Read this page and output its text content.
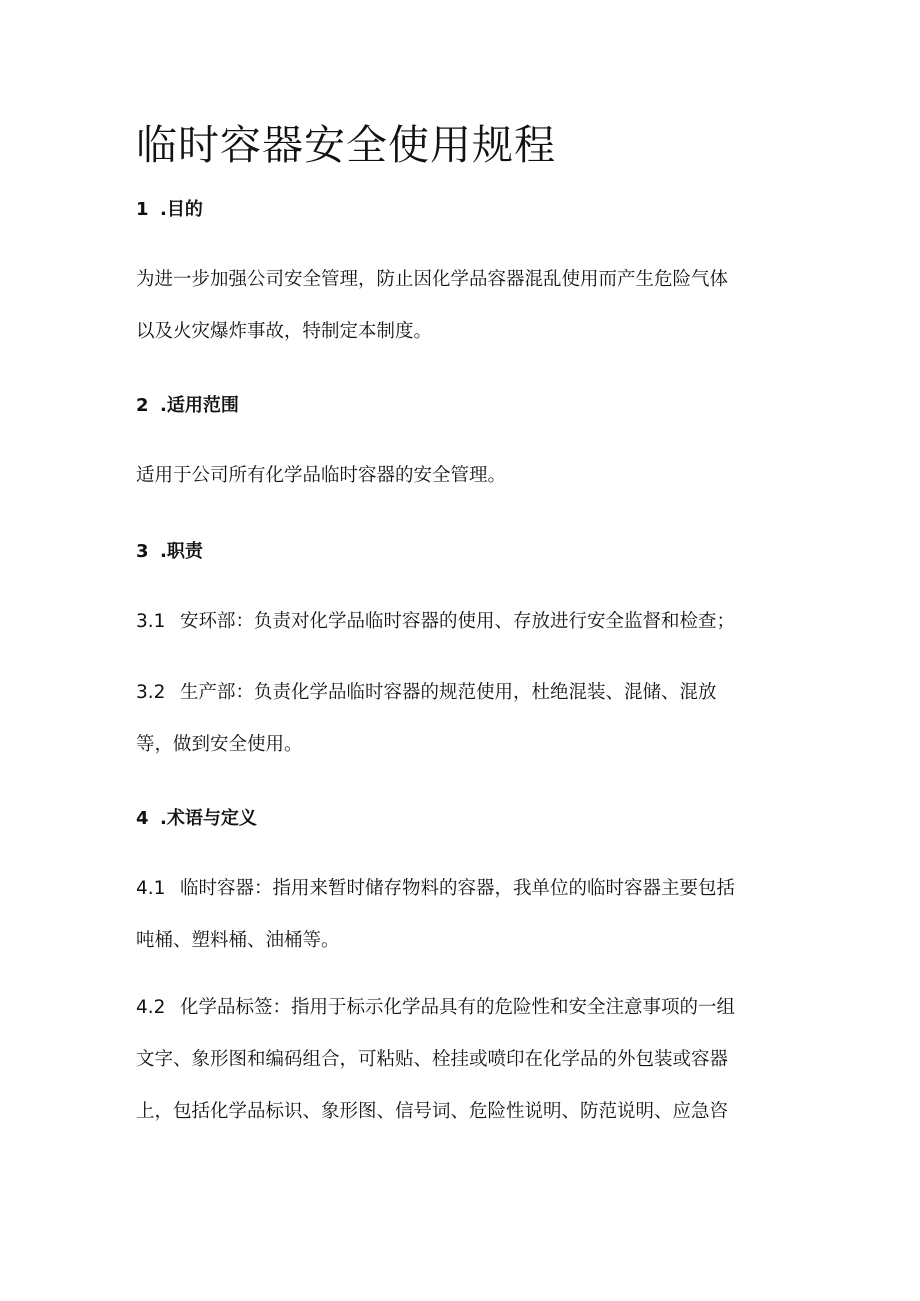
临时容器安全使用规程
1 .目的
为进一步加强公司安全管理，防止因化学品容器混乱使用而产生危险气体
以及火灾爆炸事故，特制定本制度。
2 .适用范围
适用于公司所有化学品临时容器的安全管理。
3 .职责
3.1 安环部：负责对化学品临时容器的使用、存放进行安全监督和检查；
3.2 生产部：负责化学品临时容器的规范使用，杜绝混装、混储、混放
等，做到安全使用。
4 .术语与定义
4.1 临时容器：指用来暂时储存物料的容器，我单位的临时容器主要包括
吨桶、塑料桶、油桶等。
4.2 化学品标签：指用于标示化学品具有的危险性和安全注意事项的一组
文字、象形图和编码组合，可粘贴、栓挂或喷印在化学品的外包装或容器
上，包括化学品标识、象形图、信号词、危险性说明、防范说明、应急咨
